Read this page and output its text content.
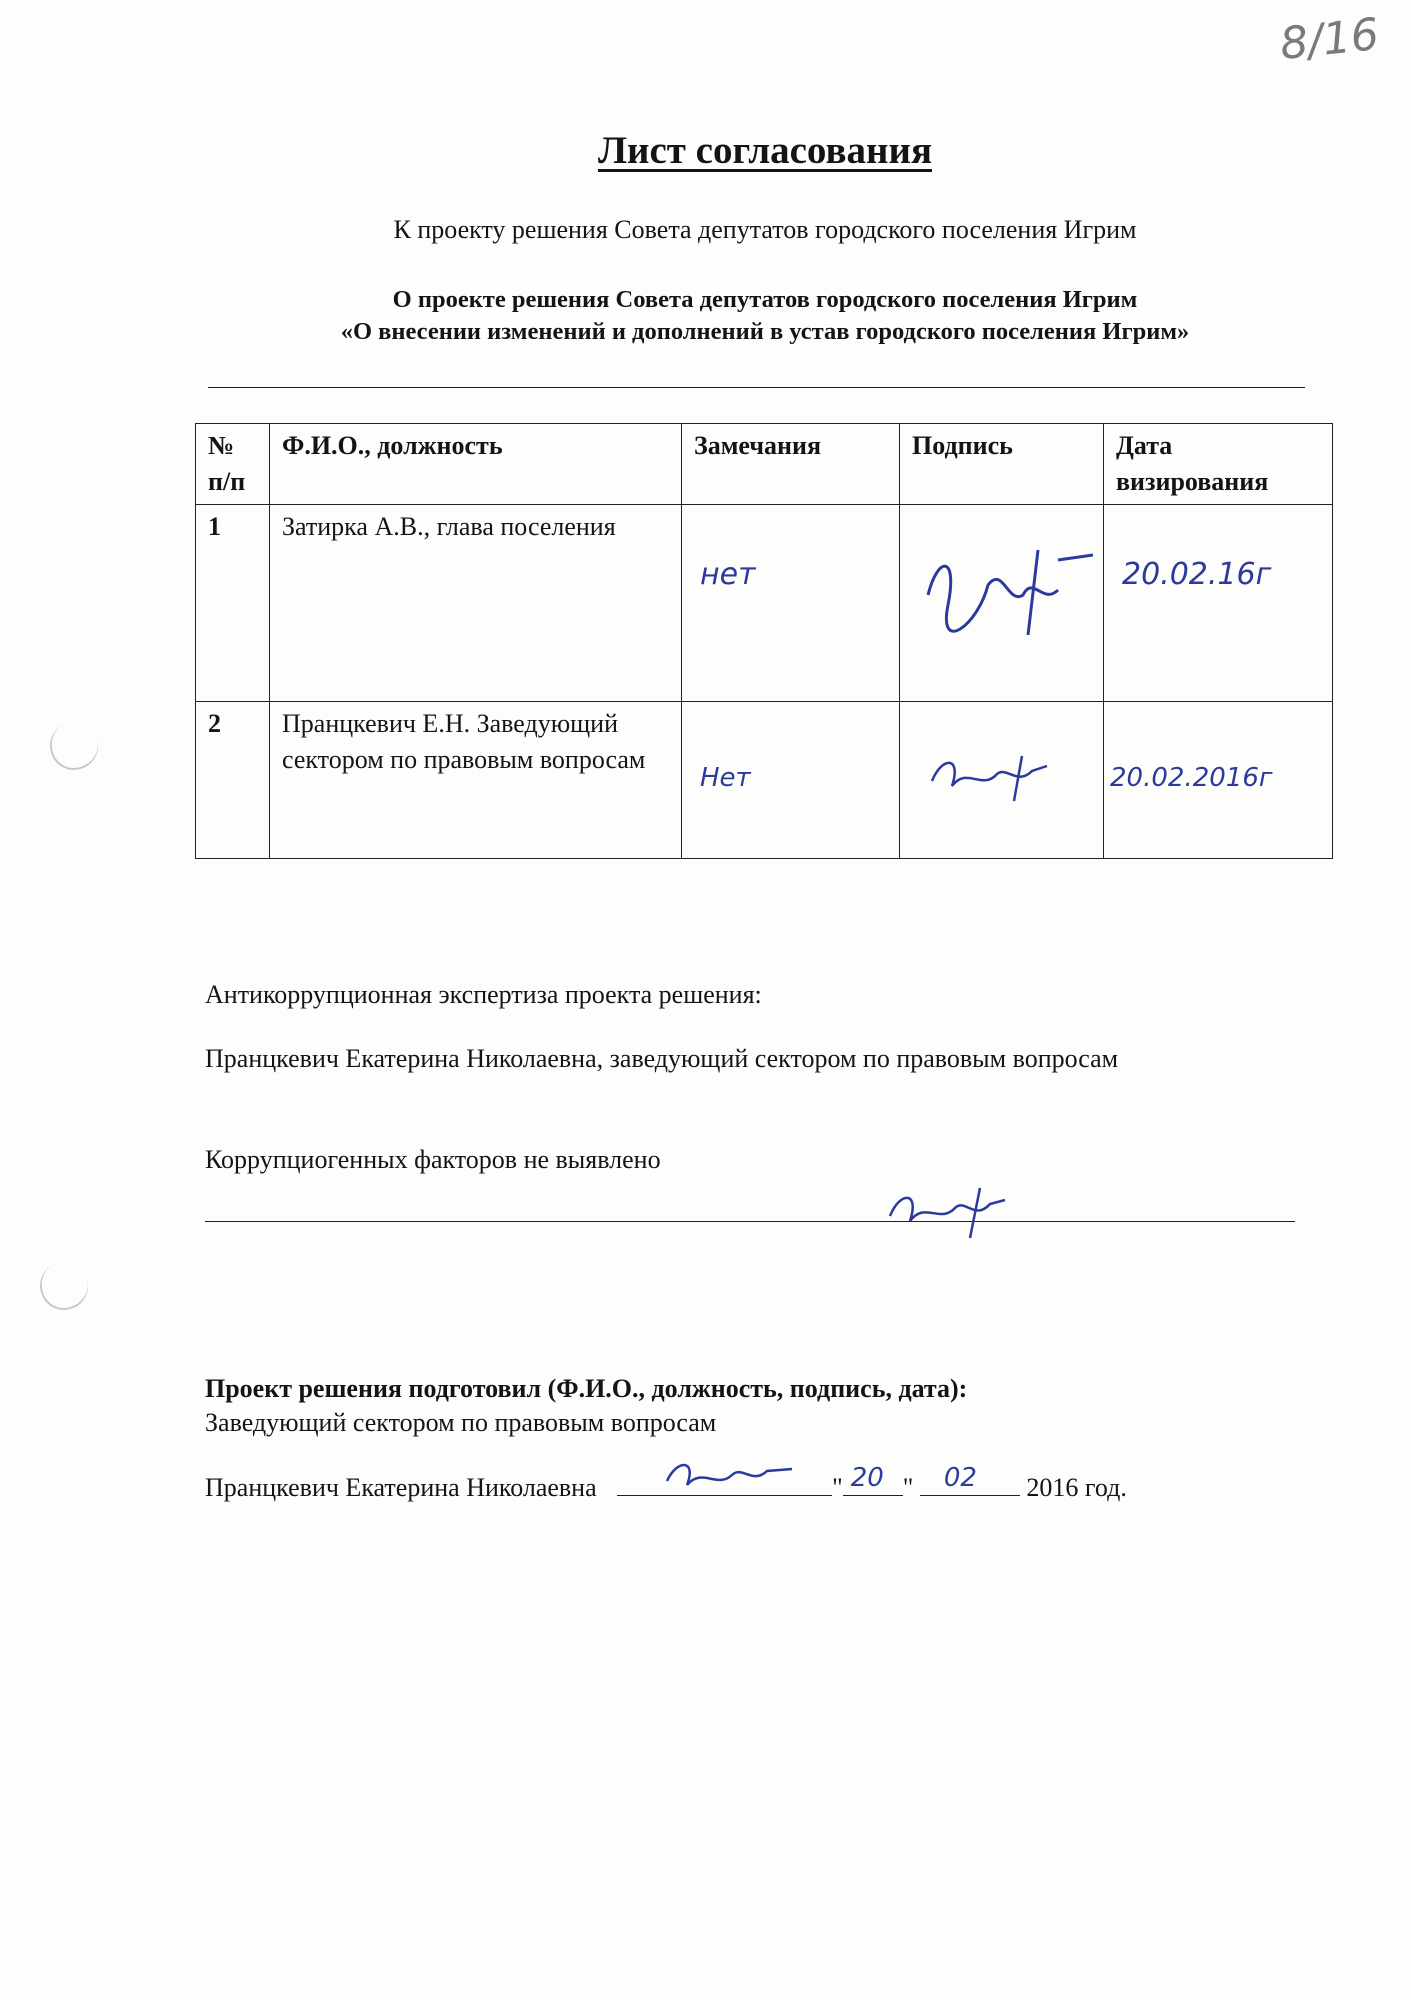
8/16
Лист согласования
К проекту решения Совета депутатов городского поселения Игрим
О проекте решения Совета депутатов городского поселения Игрим
«О внесении изменений и дополнений в устав городского поселения Игрим»
№ п/п	Ф.И.О., должность	Замечания	Подпись	Дата визирования
1	Затирка А.В., глава поселения	нет		20.02.16г

2	Пранцкевич Е.Н. Заведующий сектором по правовым вопросам	Нет		20.02.2016г
Антикоррупционная экспертиза проекта решения:
Пранцкевич Екатерина Николаевна, заведующий сектором по правовым вопросам
Коррупциогенных факторов не выявлено
Проект решения подготовил (Ф.И.О., должность, подпись, дата):
Заведующий сектором по правовым вопросам
Пранцкевич Екатерина Николаевна	" 20 " 02 2016 год.
